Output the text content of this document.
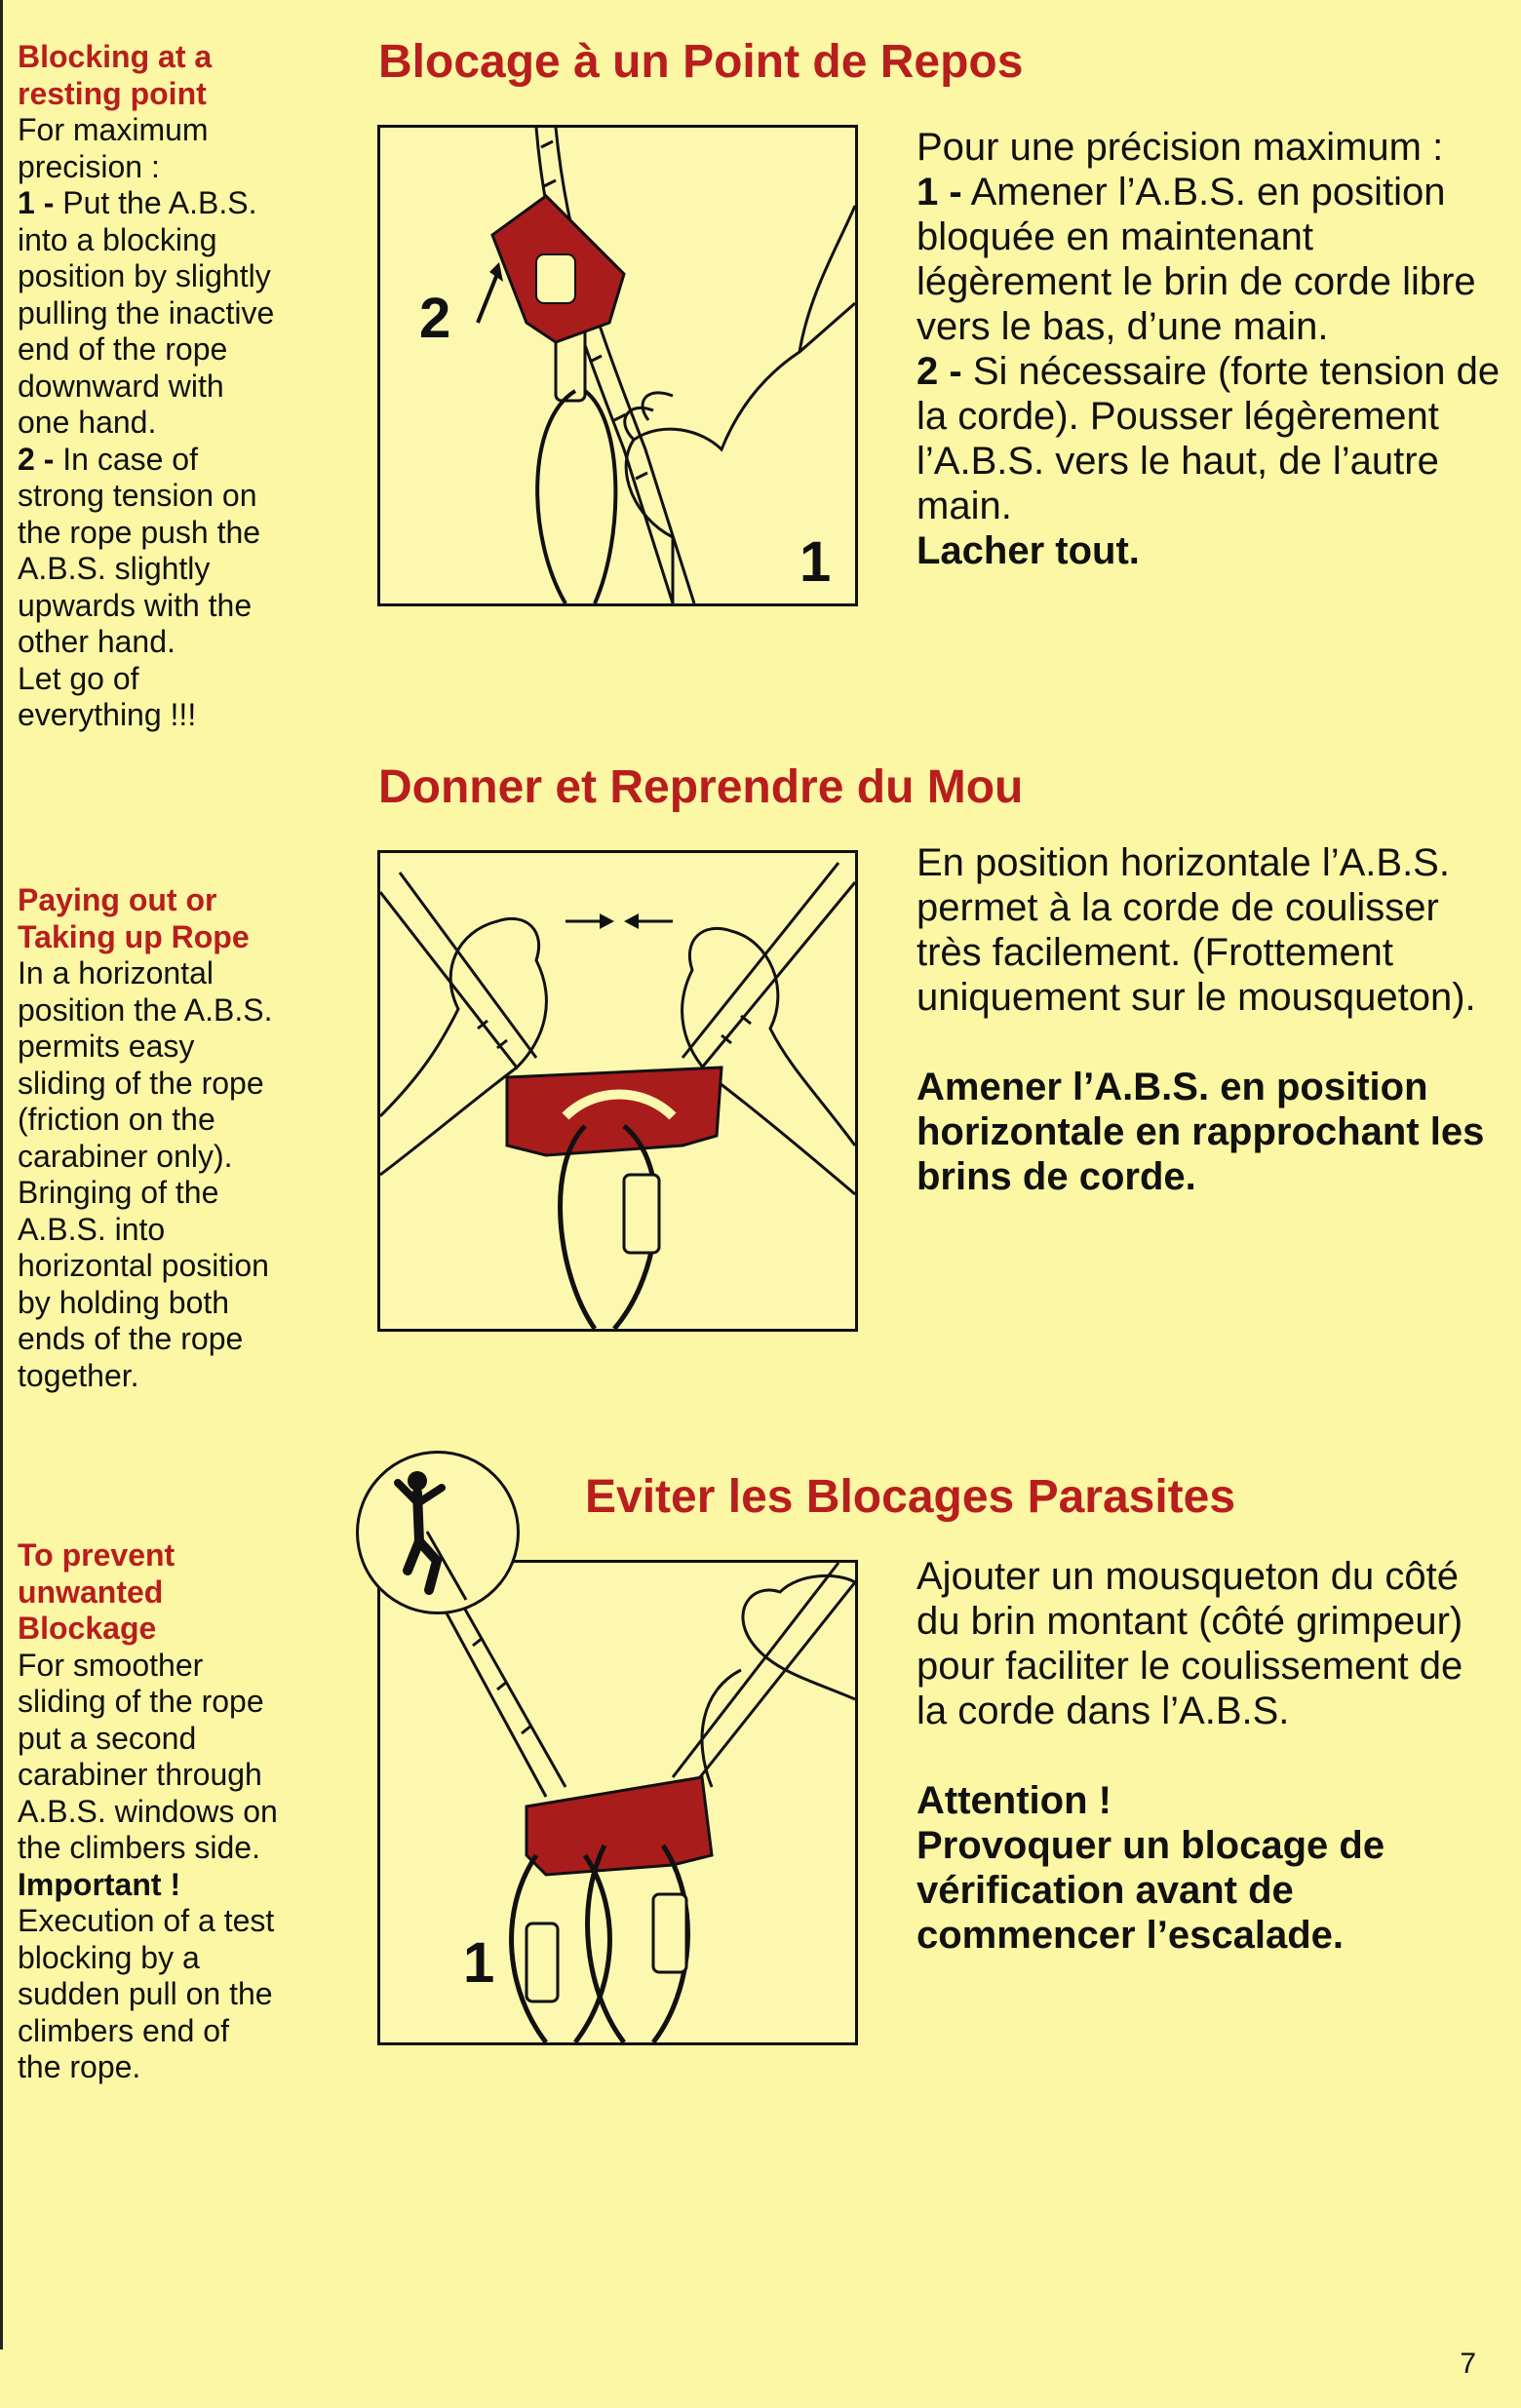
Blocking at a resting point
For maximum precision :
1 - Put the A.B.S. into a blocking position by slightly pulling the inactive end of the rope downward with one hand.
2 - In case of strong tension on the rope push the A.B.S. slightly upwards with the other hand.
Let go of everything !!!
Paying out or Taking up Rope
In a horizontal position the A.B.S. permits easy sliding of the rope (friction on the carabiner only).
Bringing of the A.B.S. into horizontal position by holding both ends of the rope together.
To prevent unwanted Blockage
For smoother sliding of the rope put a second carabiner through A.B.S. windows on the climbers side.
Important !
Execution of a test blocking by a sudden pull on the climbers end of the rope.
Blocage à un Point de Repos
2
1
Pour une précision maximum :
1 - Amener l’A.B.S. en position bloquée en maintenant légèrement le brin de corde libre vers le bas, d’une main.
2 - Si nécessaire (forte tension de la corde). Pousser légèrement l’A.B.S. vers le haut, de l’autre main.
Lacher tout.
Donner et Reprendre du Mou
En position horizontale l’A.B.S. permet à la corde de coulisser très facilement. (Frottement uniquement sur le mousqueton).
Amener l’A.B.S. en position horizontale en rapprochant les brins de corde.
Eviter les Blocages Parasites
1
Ajouter un mousqueton du côté du brin montant (côté grimpeur) pour faciliter le coulissement de la corde dans l’A.B.S.
Attention !
Provoquer un blocage de vérification avant de commencer l’escalade.
7
